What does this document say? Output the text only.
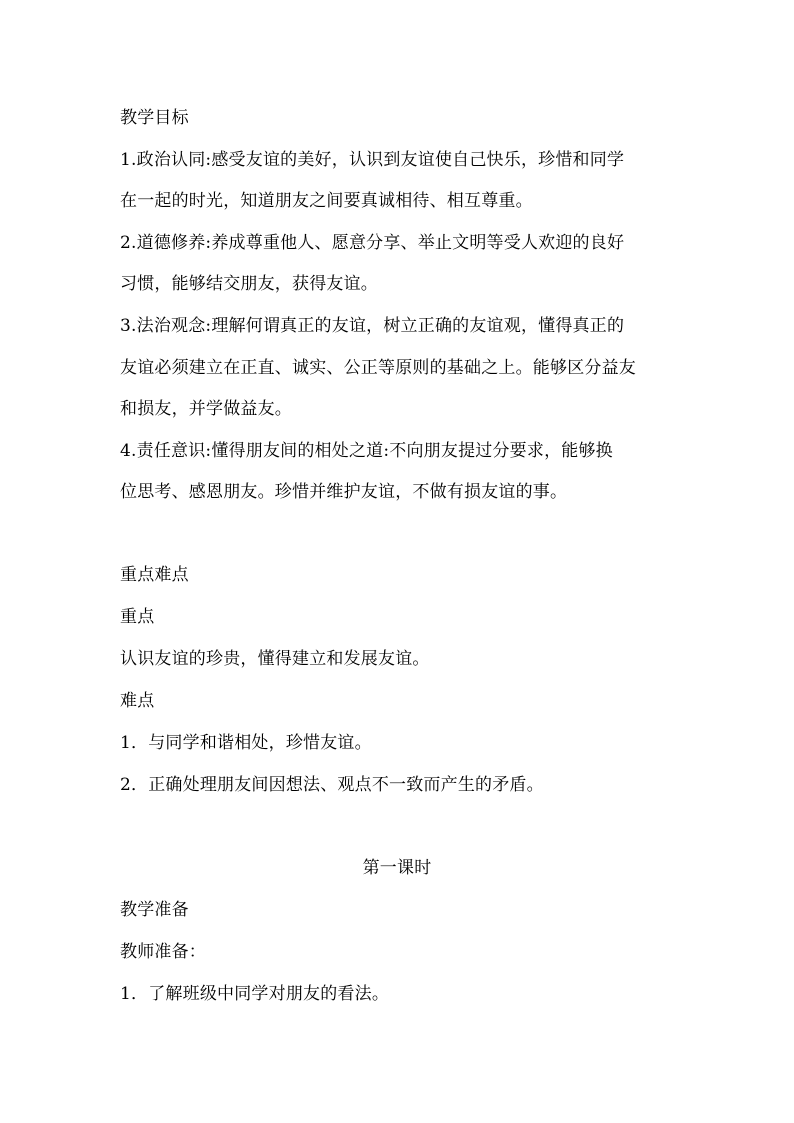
教学目标
1.政治认同:感受友谊的美好，认识到友谊使自己快乐，珍惜和同学
在一起的时光，知道朋友之间要真诚相待、相互尊重。
2.道德修养:养成尊重他人、愿意分享、举止文明等受人欢迎的良好
习惯，能够结交朋友，获得友谊。
3.法治观念:理解何谓真正的友谊，树立正确的友谊观，懂得真正的
友谊必须建立在正直、诚实、公正等原则的基础之上。能够区分益友
和损友，并学做益友。
4.责任意识:懂得朋友间的相处之道:不向朋友提过分要求，能够换
位思考、感恩朋友。珍惜并维护友谊，不做有损友谊的事。
重点难点
重点
认识友谊的珍贵，懂得建立和发展友谊。
难点
1．与同学和谐相处，珍惜友谊。
2．正确处理朋友间因想法、观点不一致而产生的矛盾。
第一课时
教学准备
教师准备：
1．了解班级中同学对朋友的看法。
